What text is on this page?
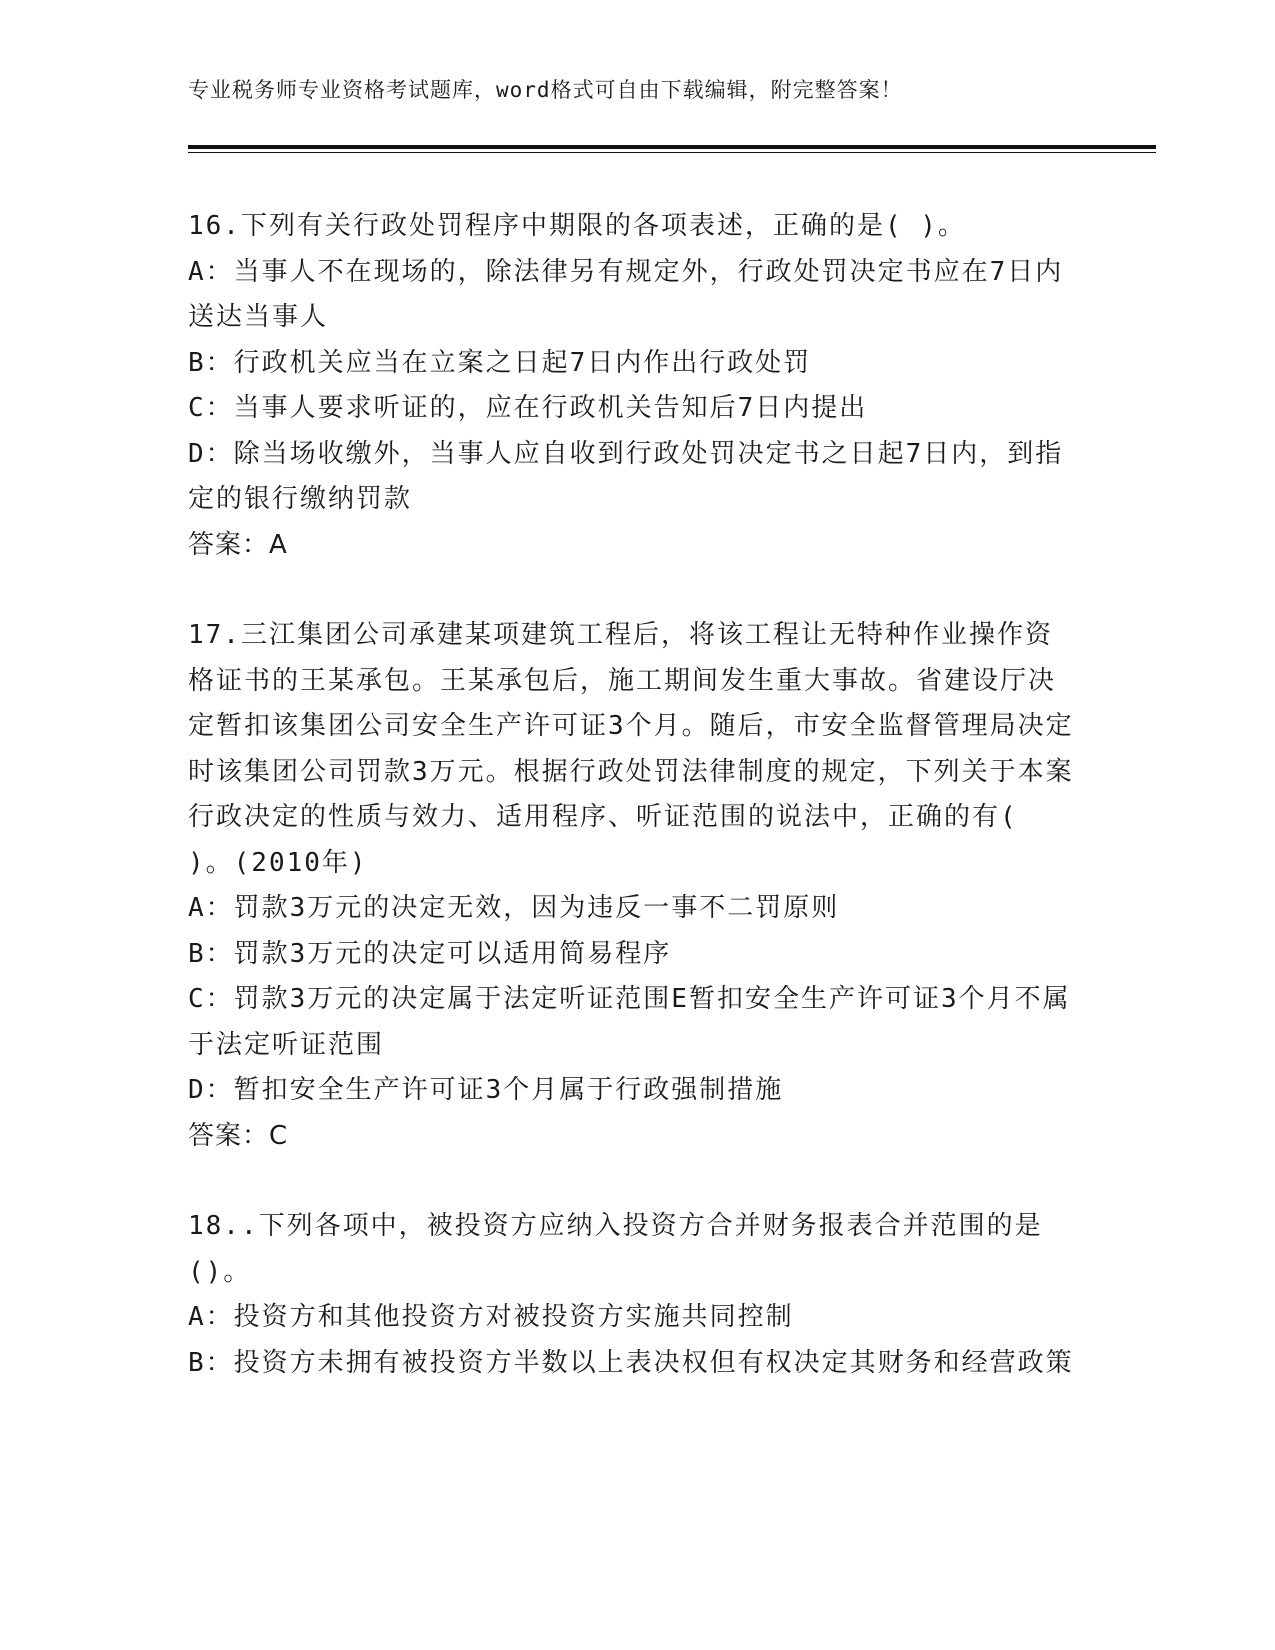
专业税务师专业资格考试题库，word格式可自由下载编辑，附完整答案！

16.下列有关行政处罚程序中期限的各项表述，正确的是( )。

A：当事人不在现场的，除法律另有规定外，行政处罚决定书应在7日内送达当事人

B：行政机关应当在立案之日起7日内作出行政处罚

C：当事人要求听证的，应在行政机关告知后7日内提出

D：除当场收缴外，当事人应自收到行政处罚决定书之日起7日内，到指定的银行缴纳罚款

答案：A

17.三江集团公司承建某项建筑工程后，将该工程让无特种作业操作资格证书的王某承包。王某承包后，施工期间发生重大事故。省建设厅决定暂扣该集团公司安全生产许可证3个月。随后，市安全监督管理局决定时该集团公司罚款3万元。根据行政处罚法律制度的规定，下列关于本案行政决定的性质与效力、适用程序、听证范围的说法中，正确的有( )。(2010年)

A：罚款3万元的决定无效，因为违反一事不二罚原则

B：罚款3万元的决定可以适用简易程序

C：罚款3万元的决定属于法定听证范围E暂扣安全生产许可证3个月不属于法定听证范围

D：暂扣安全生产许可证3个月属于行政强制措施

答案：C

18..下列各项中，被投资方应纳入投资方合并财务报表合并范围的是()。

A：投资方和其他投资方对被投资方实施共同控制

B：投资方未拥有被投资方半数以上表决权但有权决定其财务和经营政策
